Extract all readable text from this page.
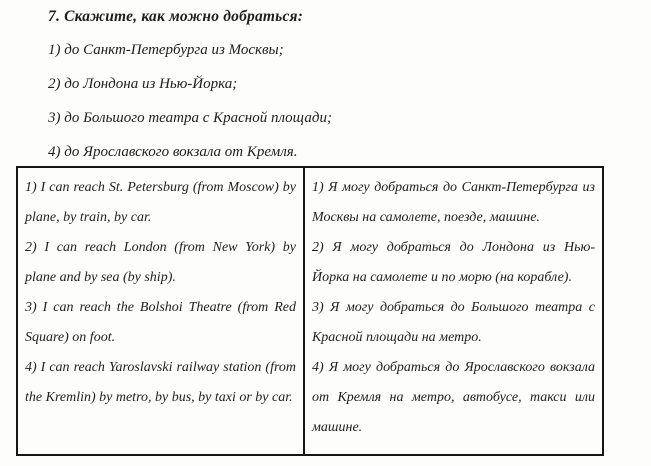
7. Скажите, как можно добраться:

1) до Санкт-Петербурга из Москвы;

2) до Лондона из Нью-Йорка;

3) до Большого театра с Красной площади;

4) до Ярославского вокзала от Кремля.

1) I can reach St. Petersburg (from Moscow) by plane, by train, by car.

2) I can reach London (from New York) by plane and by sea (by ship).

3) I can reach the Bolshoi Theatre (from Red Square) on foot.

4) I can reach Yaroslavski railway station (from the Kremlin) by metro, by bus, by taxi or by car.

1) Я могу добраться до Санкт-Петербурга из Москвы на самолете, поезде, машине.

2) Я могу добраться до Лондона из Нью-Йорка на самолете и по морю (на корабле).

3) Я могу добраться до Большого театра с Красной площади на метро.

4) Я могу добраться до Ярославского вокзала от Кремля на метро, автобусе, такси или машине.
